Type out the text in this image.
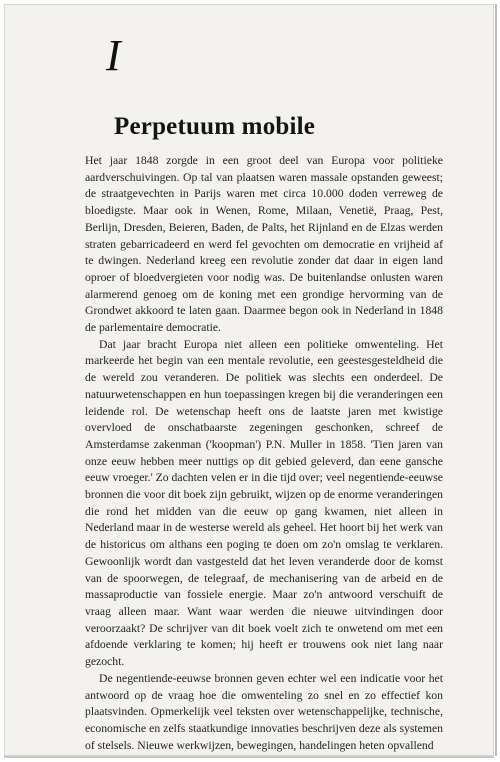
I
Perpetuum mobile

Het jaar 1848 zorgde in een groot deel van Europa voor politieke aardverschuivingen. Op tal van plaatsen waren massale opstanden geweest; de straatgevechten in Parijs waren met circa 10.000 doden verreweg de bloedigste. Maar ook in Wenen, Rome, Milaan, Venetië, Praag, Pest, Berlijn, Dresden, Beieren, Baden, de Palts, het Rijnland en de Elzas werden straten gebarricadeerd en werd fel gevochten om democratie en vrijheid af te dwingen. Nederland kreeg een revolutie zonder dat daar in eigen land oproer of bloedvergieten voor nodig was. De buitenlandse onlusten waren alarmerend genoeg om de koning met een grondige hervorming van de Grondwet akkoord te laten gaan. Daarmee begon ook in Nederland in 1848 de parlementaire democratie.

Dat jaar bracht Europa niet alleen een politieke omwenteling. Het markeerde het begin van een mentale revolutie, een geestesgesteldheid die de wereld zou veranderen. De politiek was slechts een onderdeel. De natuurwetenschappen en hun toepassingen kregen bij die veranderingen een leidende rol. De wetenschap heeft ons de laatste jaren met kwistige overvloed de onschatbaarste zegeningen geschonken, schreef de Amsterdamse zakenman ('koopman') P.N. Muller in 1858. 'Tien jaren van onze eeuw hebben meer nuttigs op dit gebied geleverd, dan eene gansche eeuw vroeger.' Zo dachten velen er in die tijd over; veel negentiende-eeuwse bronnen die voor dit boek zijn gebruikt, wijzen op de enorme veranderingen die rond het midden van die eeuw op gang kwamen, niet alleen in Nederland maar in de westerse wereld als geheel. Het hoort bij het werk van de historicus om althans een poging te doen om zo'n omslag te verklaren. Gewoonlijk wordt dan vastgesteld dat het leven veranderde door de komst van de spoorwegen, de telegraaf, de mechanisering van de arbeid en de massaproductie van fossiele energie. Maar zo'n antwoord verschuift de vraag alleen maar. Want waar werden die nieuwe uitvindingen door veroorzaakt? De schrijver van dit boek voelt zich te onwetend om met een afdoende verklaring te komen; hij heeft er trouwens ook niet lang naar gezocht.

De negentiende-eeuwse bronnen geven echter wel een indicatie voor het antwoord op de vraag hoe die omwenteling zo snel en zo effectief kon plaatsvinden. Opmerkelijk veel teksten over wetenschappelijke, technische, economische en zelfs staatkundige innovaties beschrijven deze als systemen of stelsels. Nieuwe werkwijzen, bewegingen, handelingen heten opvallend
